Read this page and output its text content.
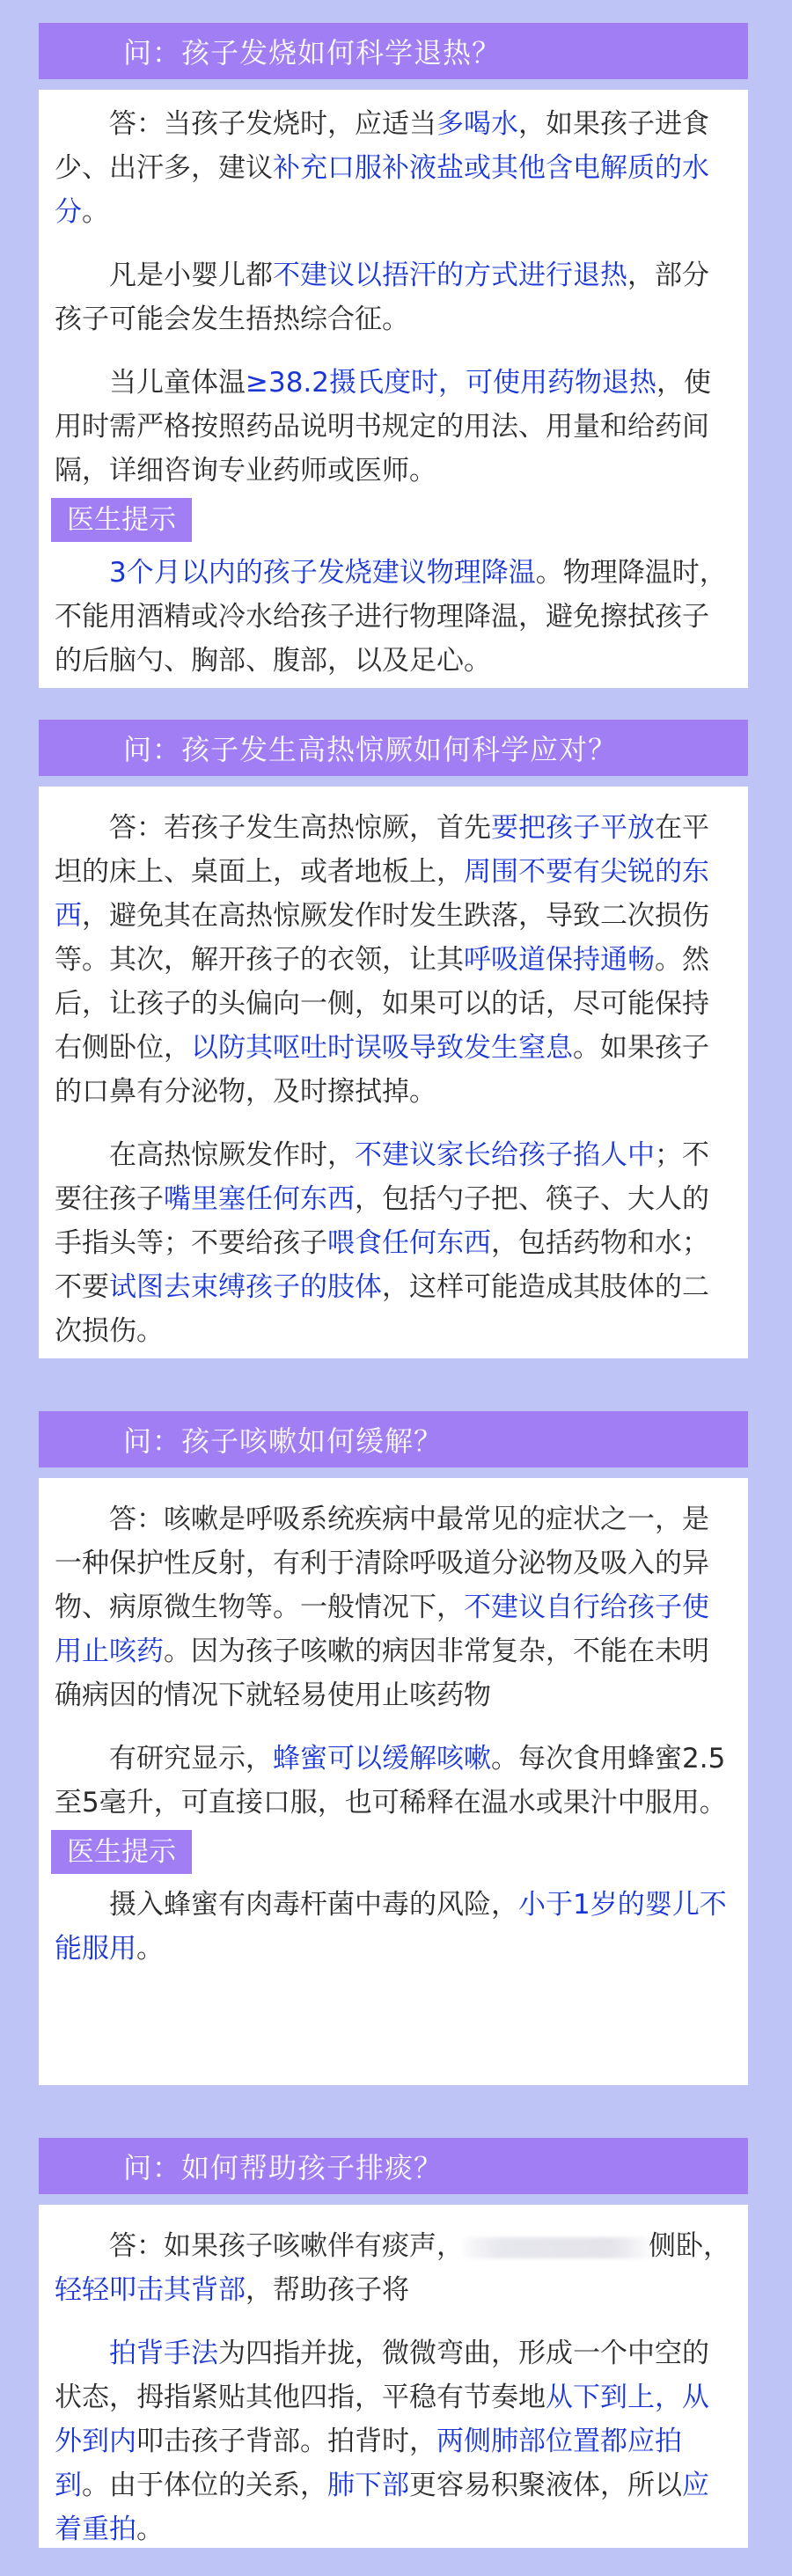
问：孩子发烧如何科学退热？

答：当孩子发烧时，应适当多喝水，如果孩子进食少、出汗多，建议补充口服补液盐或其他含电解质的水分。

凡是小婴儿都不建议以捂汗的方式进行退热，部分孩子可能会发生捂热综合征。

当儿童体温≥38.2摄氏度时，可使用药物退热，使用时需严格按照药品说明书规定的用法、用量和给药间隔，详细咨询专业药师或医师。

医生提示

3个月以内的孩子发烧建议物理降温。物理降温时，不能用酒精或冷水给孩子进行物理降温，避免擦拭孩子的后脑勺、胸部、腹部，以及足心。

问：孩子发生高热惊厥如何科学应对？

答：若孩子发生高热惊厥，首先要把孩子平放在平坦的床上、桌面上，或者地板上，周围不要有尖锐的东西，避免其在高热惊厥发作时发生跌落，导致二次损伤等。其次，解开孩子的衣领，让其呼吸道保持通畅。然后，让孩子的头偏向一侧，如果可以的话，尽可能保持右侧卧位，以防其呕吐时误吸导致发生窒息。如果孩子的口鼻有分泌物，及时擦拭掉。

在高热惊厥发作时，不建议家长给孩子掐人中；不要往孩子嘴里塞任何东西，包括勺子把、筷子、大人的手指头等；不要给孩子喂食任何东西，包括药物和水；不要试图去束缚孩子的肢体，这样可能造成其肢体的二次损伤。

问：孩子咳嗽如何缓解？

答：咳嗽是呼吸系统疾病中最常见的症状之一，是一种保护性反射，有利于清除呼吸道分泌物及吸入的异物、病原微生物等。一般情况下，不建议自行给孩子使用止咳药。因为孩子咳嗽的病因非常复杂，不能在未明确病因的情况下就轻易使用止咳药物

有研究显示，蜂蜜可以缓解咳嗽。每次食用蜂蜜2.5至5毫升，可直接口服，也可稀释在温水或果汁中服用。

医生提示

摄入蜂蜜有肉毒杆菌中毒的风险，小于1岁的婴儿不能服用。

问：如何帮助孩子排痰？

答：如果孩子咳嗽伴有痰声，	侧卧，轻轻叩击其背部，帮助孩子将

拍背手法为四指并拢，微微弯曲，形成一个中空的状态，拇指紧贴其他四指，平稳有节奏地从下到上，从外到内叩击孩子背部。拍背时，两侧肺部位置都应拍到。由于体位的关系，肺下部更容易积聚液体，所以应着重拍。
